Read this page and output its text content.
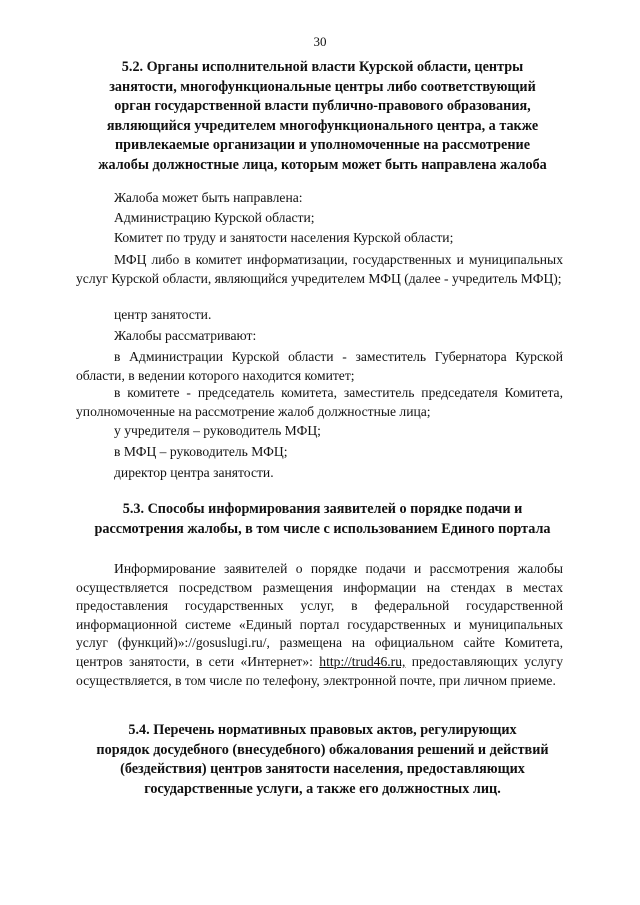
30
5.2. Органы исполнительной власти Курской области, центры
занятости, многофункциональные центры либо соответствующий
орган государственной власти публично-правового образования,
являющийся учредителем многофункционального центра, а также
привлекаемые организации и уполномоченные на рассмотрение
жалобы должностные лица, которым может быть направлена жалоба
Жалоба может быть направлена:
Администрацию Курской области;
Комитет по труду и занятости населения Курской области;
МФЦ либо в комитет информатизации, государственных и муниципальных услуг Курской области, являющийся учредителем МФЦ (далее - учредитель МФЦ);
центр занятости.
Жалобы рассматривают:
в Администрации Курской области - заместитель Губернатора Курской области, в ведении которого находится комитет;
в комитете - председатель комитета, заместитель председателя Комитета, уполномоченные на рассмотрение жалоб должностные лица;
у учредителя – руководитель МФЦ;
в МФЦ – руководитель МФЦ;
директор центра занятости.
5.3. Способы информирования заявителей о порядке подачи и
рассмотрения жалобы, в том числе с использованием Единого портала
Информирование заявителей о порядке подачи и рассмотрения жалобы осуществляется посредством размещения информации на стендах в местах предоставления государственных услуг, в федеральной государственной информационной системе «Единый портал государственных и муниципальных услуг (функций)»://gosuslugi.ru/, размещена на официальном сайте Комитета, центров занятости, в сети «Интернет»: http://trud46.ru, предоставляющих услугу осуществляется, в том числе по телефону, электронной почте, при личном приеме.
5.4. Перечень нормативных правовых актов, регулирующих
порядок досудебного (внесудебного) обжалования решений и действий
(бездействия) центров занятости населения, предоставляющих
государственные услуги, а также его должностных лиц.
